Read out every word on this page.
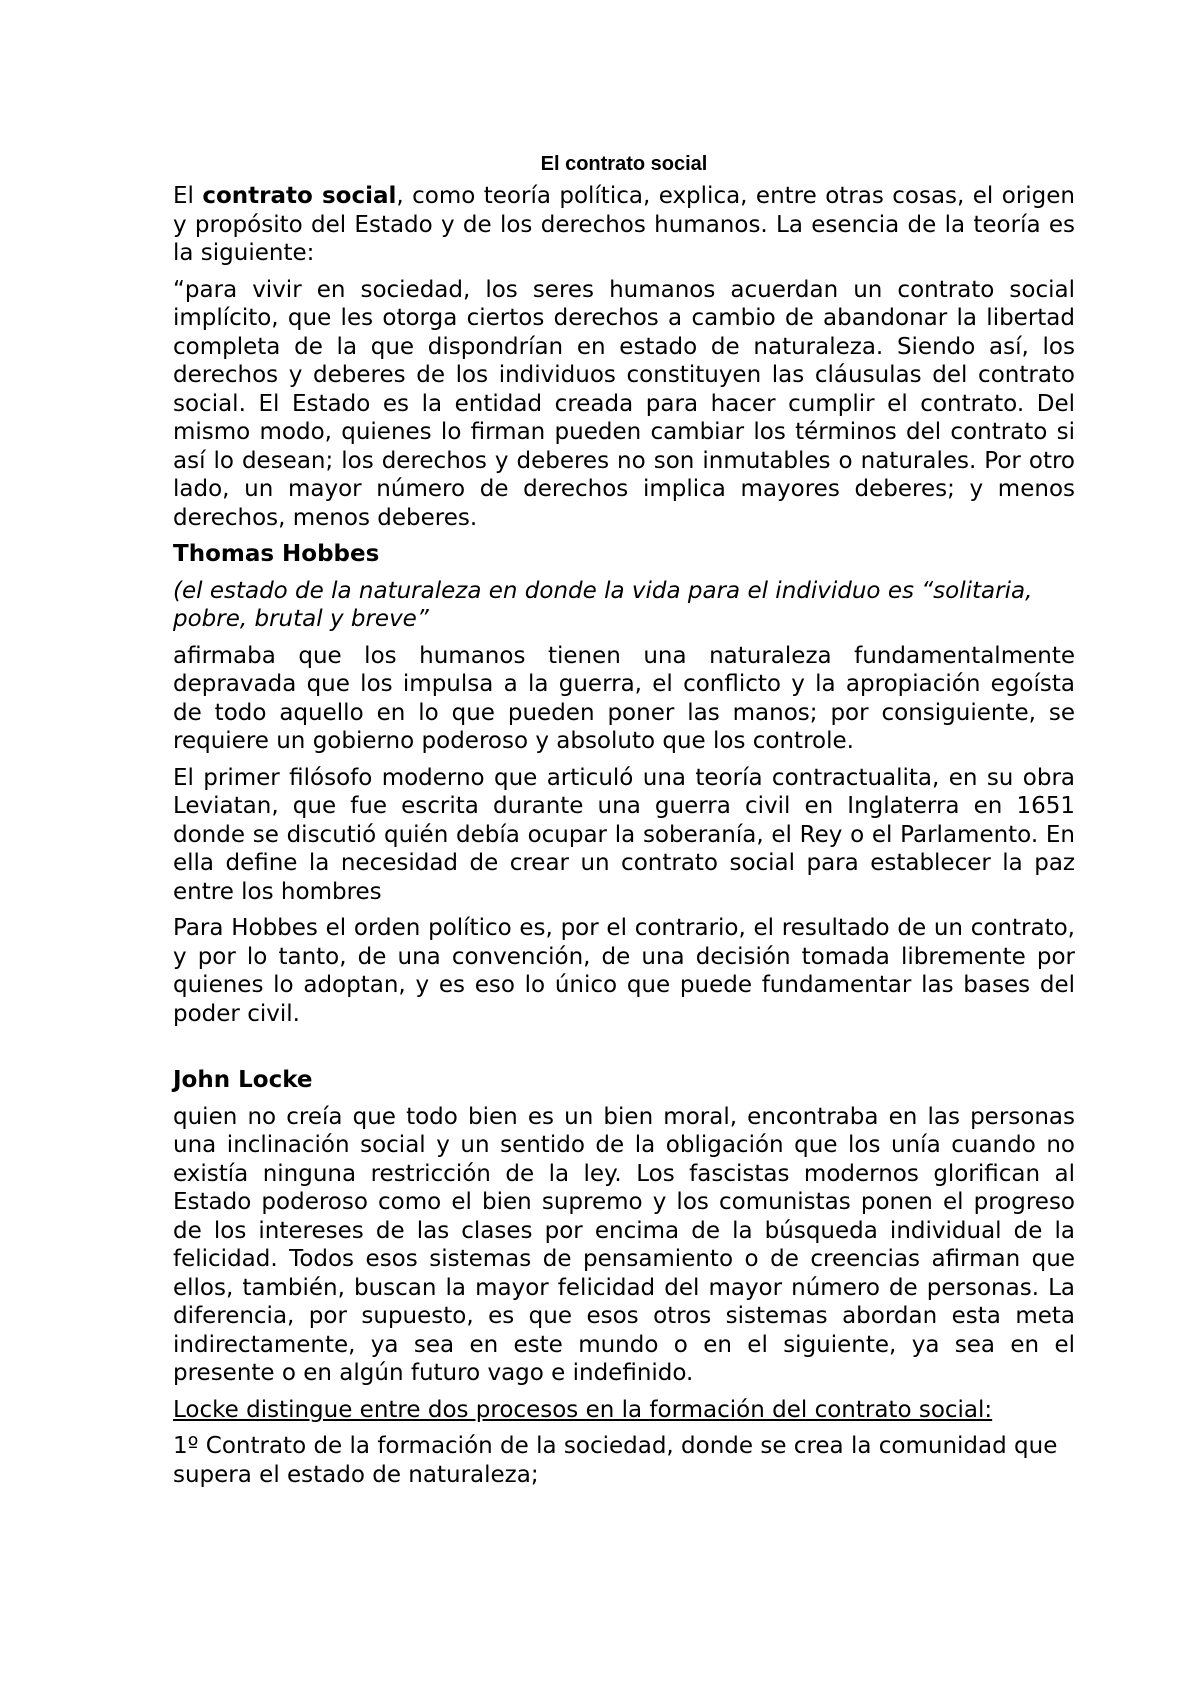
El contrato social

El contrato social, como teoría política, explica, entre otras cosas, el origen y propósito del Estado y de los derechos humanos. La esencia de la teoría es la siguiente:

“para vivir en sociedad, los seres humanos acuerdan un contrato social implícito, que les otorga ciertos derechos a cambio de abandonar la libertad completa de la que dispondrían en estado de naturaleza. Siendo así, los derechos y deberes de los individuos constituyen las cláusulas del contrato social. El Estado es la entidad creada para hacer cumplir el contrato. Del mismo modo, quienes lo firman pueden cambiar los términos del contrato si así lo desean; los derechos y deberes no son inmutables o naturales. Por otro lado, un mayor número de derechos implica mayores deberes; y menos derechos, menos deberes.

Thomas Hobbes

(el estado de la naturaleza en donde la vida para el individuo es “solitaria, pobre, brutal y breve”

afirmaba que los humanos tienen una naturaleza fundamentalmente depravada que los impulsa a la guerra, el conflicto y la apropiación egoísta de todo aquello en lo que pueden poner las manos; por consiguiente, se requiere un gobierno poderoso y absoluto que los controle.

El primer filósofo moderno que articuló una teoría contractualita, en su obra Leviatan, que fue escrita durante una guerra civil en Inglaterra en 1651 donde se discutió quién debía ocupar la soberanía, el Rey o el Parlamento. En ella define la necesidad de crear un contrato social para establecer la paz entre los hombres

Para Hobbes el orden político es, por el contrario, el resultado de un contrato, y por lo tanto, de una convención, de una decisión tomada libremente por quienes lo adoptan, y es eso lo único que puede fundamentar las bases del poder civil.

John Locke

quien no creía que todo bien es un bien moral, encontraba en las personas una inclinación social y un sentido de la obligación que los unía cuando no existía ninguna restricción de la ley. Los fascistas modernos glorifican al Estado poderoso como el bien supremo y los comunistas ponen el progreso de los intereses de las clases por encima de la búsqueda individual de la felicidad. Todos esos sistemas de pensamiento o de creencias afirman que ellos, también, buscan la mayor felicidad del mayor número de personas. La diferencia, por supuesto, es que esos otros sistemas abordan esta meta indirectamente, ya sea en este mundo o en el siguiente, ya sea en el presente o en algún futuro vago e indefinido.

Locke distingue entre dos procesos en la formación del contrato social:

1º Contrato de la formación de la sociedad, donde se crea la comunidad que supera el estado de naturaleza;
